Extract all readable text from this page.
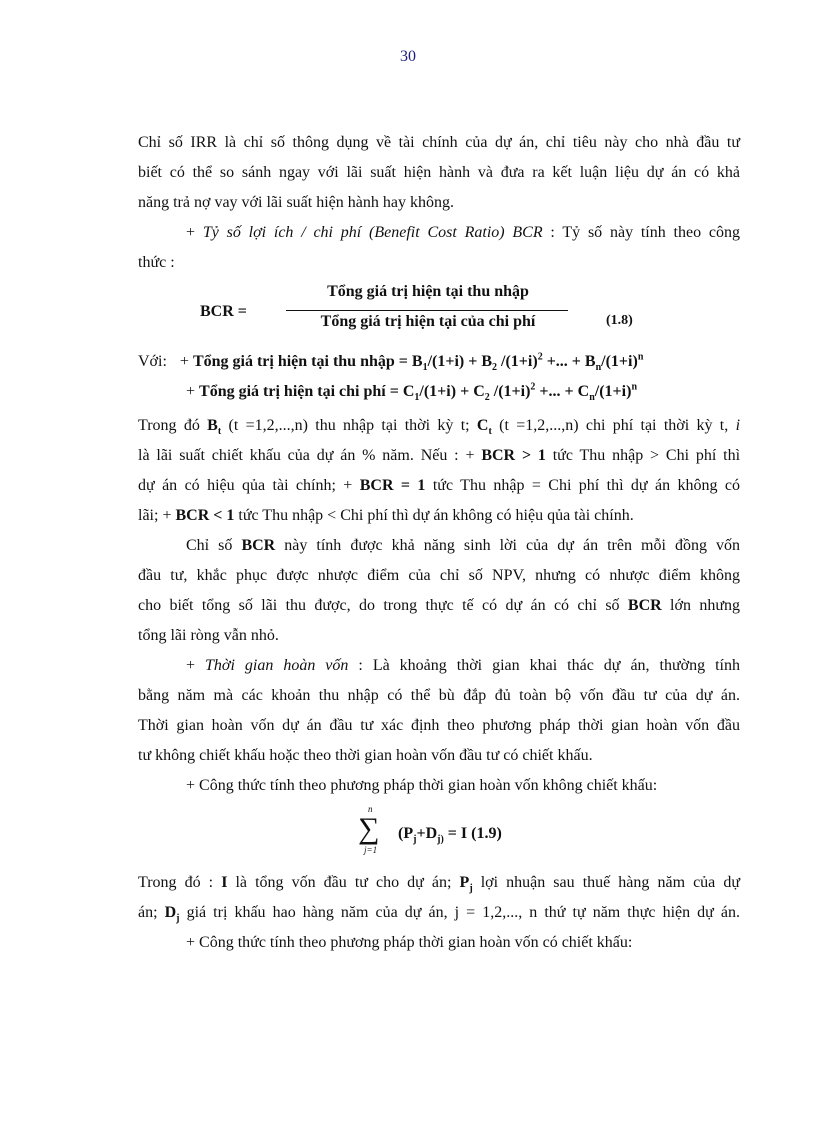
30
Chỉ số IRR là chỉ số thông dụng về tài chính của dự án, chỉ tiêu này cho nhà đầu tư
biết có thể so sánh ngay với lãi suất hiện hành và đưa ra kết luận liệu dự án có khả
năng trả nợ vay với lãi suất hiện hành hay không.
+ Tỷ số lợi ích / chi phí (Benefit Cost Ratio) BCR : Tỷ số này tính theo công
thức :
BCR =
Tổng giá trị hiện tại thu nhập
Tổng giá trị hiện tại của chi phí	(1.8)
Với: + Tổng giá trị hiện tại thu nhập = $B_1/(1+i) + B_2$ $/(1+i)^2$ +... + $B_n/(1+i)^n$
+ Tổng giá trị hiện tại chi phí = $C_1/(1+i) + C_2$ $/(1+i)^2$ +... + $C_n/(1+i)^n$
Trong đó $B_t$ (t =1,2,...,n) thu nhập tại thời kỳ t; $C_t$ (t =1,2,...,n) chi phí tại thời kỳ t, i
là lãi suất chiết khấu của dự án % năm. Nếu : + BCR > 1 tức Thu nhập > Chi phí thì
dự án có hiệu qủa tài chính; + BCR = 1 tức Thu nhập = Chi phí thì dự án không có
lãi; + BCR < 1 tức Thu nhập < Chi phí thì dự án không có hiệu qủa tài chính.
Chỉ số BCR này tính được khả năng sinh lời của dự án trên mỗi đồng vốn
đầu tư, khắc phục được nhược điểm của chỉ số NPV, nhưng có nhược điểm không
cho biết tổng số lãi thu được, do trong thực tế có dự án có chỉ số BCR lớn nhưng
tổng lãi ròng vẫn nhỏ.
+ Thời gian hoàn vốn : Là khoảng thời gian khai thác dự án, thường tính
bằng năm mà các khoản thu nhập có thể bù đắp đủ toàn bộ vốn đầu tư của dự án.
Thời gian hoàn vốn dự án đầu tư xác định theo phương pháp thời gian hoàn vốn đầu
tư không chiết khấu hoặc theo thời gian hoàn vốn đầu tư có chiết khấu.
+ Công thức tính theo phương pháp thời gian hoàn vốn không chiết khấu:
n
∑
j=1
($P_j+D_{j)} = I$ (1.9)
Trong đó : I là tổng vốn đầu tư cho dự án; $P_j$ lợi nhuận sau thuế hàng năm của dự
án; $D_j$ giá trị khấu hao hàng năm của dự án, j = 1,2,..., n thứ tự năm thực hiện dự án.
+ Công thức tính theo phương pháp thời gian hoàn vốn có chiết khấu:
